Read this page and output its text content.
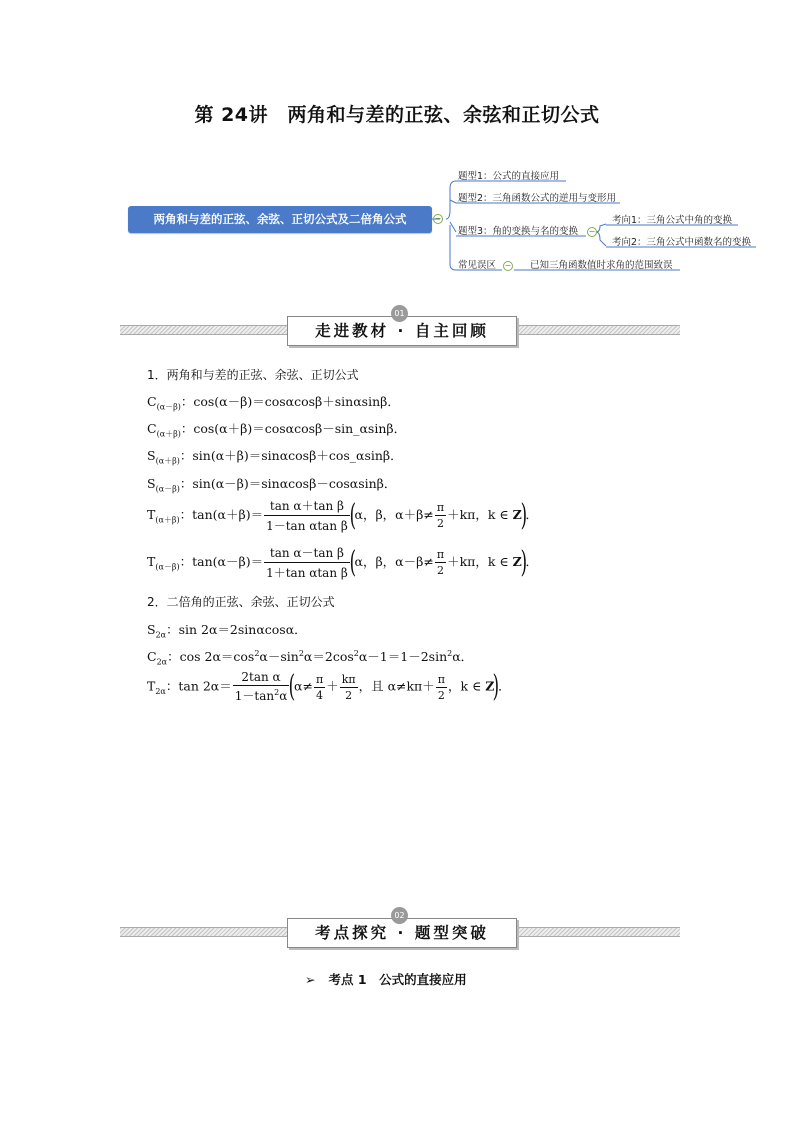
第 24讲　两角和与差的正弦、余弦和正切公式
两角和与差的正弦、余弦、正切公式及二倍角公式	−
题型1：公式的直接应用
题型2：三角函数公式的逆用与变形用
题型3：角的变换与名的变换 −
考向1：三角公式中角的变换
考向2：三角公式中函数名的变换
常见误区 − 已知三角函数值时求角的范围致误
走进教材 · 自主回顾
01
1．两角和与差的正弦、余弦、正切公式
$C_{(\alpha-\beta)}$：cos(α－β)＝cosαcosβ＋sinαsinβ．
$C_{(\alpha+\beta)}$：cos(α＋β)＝cosαcosβ－sin_αsinβ．
$S_{(\alpha+\beta)}$：sin(α＋β)＝sinαcosβ＋cos_αsinβ．
$S_{(\alpha-\beta)}$：sin(α－β)＝sinαcosβ－cosαsinβ．
$T_{(\alpha+\beta)}$：$\tan(\alpha+\beta)= \frac{\text{tan α＋tan β}}{\text{1－tan αtan β}} (\alpha$，β，$\alpha+\beta\ne \frac{\pi}{2} +k\pi$，k ∈ Z)．
$T_{(\alpha-\beta)}$：$\tan(\alpha-\beta)= \frac{\text{tan α－tan β}}{\text{1＋tan αtan β}} (\alpha$，β，$\alpha-\beta\ne \frac{\pi}{2} +k\pi$，k ∈ Z)．
2．二倍角的正弦、余弦、正切公式
$S_{2\alpha}$：sin 2α＝2sinαcosα．
$C_{2\alpha}$：$\cos 2\alpha=\cos^2\alpha-\sin^2\alpha=2\cos^2\alpha-1=1-2\sin^2\alpha$．
$T_{2\alpha}$：$\tan 2\alpha= \frac{\text{2tan α}}{1-\tan^2\alpha} (\alpha\ne \frac{\pi}{4} + \frac{k\pi}{2}$ ，且 $\alpha\ne k\pi+ \frac{\pi}{2}$ ，k ∈ Z)．
考点探究 · 题型突破
02
➢ 考点 1　公式的直接应用
